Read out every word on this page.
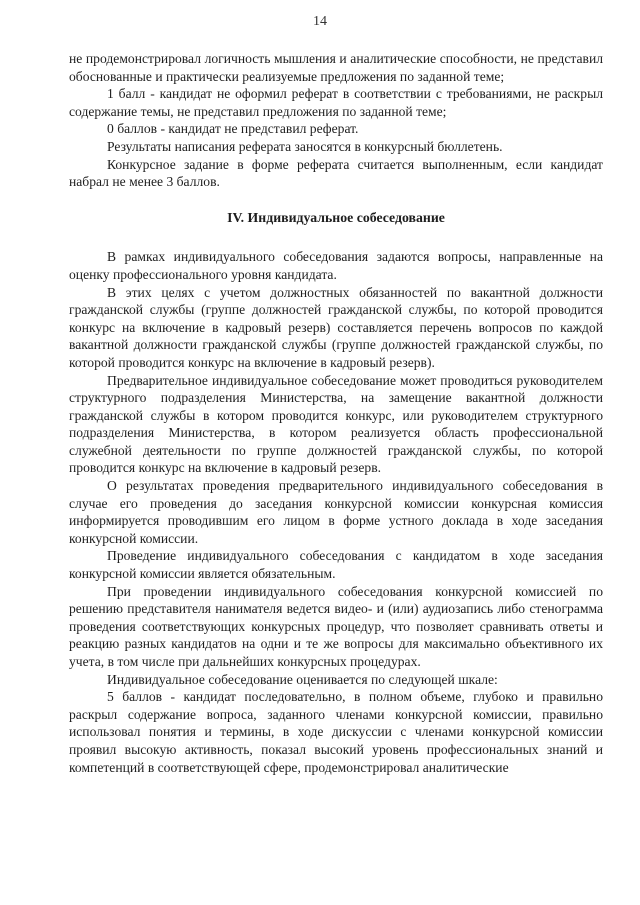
14

не продемонстрировал логичность мышления и аналитические способности, не представил обоснованные и практически реализуемые предложения по заданной теме;

1 балл - кандидат не оформил реферат в соответствии с требованиями, не раскрыл содержание темы, не представил предложения по заданной теме;

0 баллов - кандидат не представил реферат.

Результаты написания реферата заносятся в конкурсный бюллетень.

Конкурсное задание в форме реферата считается выполненным, если кандидат набрал не менее 3 баллов.

IV. Индивидуальное собеседование

В рамках индивидуального собеседования задаются вопросы, направленные на оценку профессионального уровня кандидата.

В этих целях с учетом должностных обязанностей по вакантной должности гражданской службы (группе должностей гражданской службы, по которой проводится конкурс на включение в кадровый резерв) составляется перечень вопросов по каждой вакантной должности гражданской службы (группе должностей гражданской службы, по которой проводится конкурс на включение в кадровый резерв).

Предварительное индивидуальное собеседование может проводиться руководителем структурного подразделения Министерства, на замещение вакантной должности гражданской службы в котором проводится конкурс, или руководителем структурного подразделения Министерства, в котором реализуется область профессиональной служебной деятельности по группе должностей гражданской службы, по которой проводится конкурс на включение в кадровый резерв.

О результатах проведения предварительного индивидуального собеседования в случае его проведения до заседания конкурсной комиссии конкурсная комиссия информируется проводившим его лицом в форме устного доклада в ходе заседания конкурсной комиссии.

Проведение индивидуального собеседования с кандидатом в ходе заседания конкурсной комиссии является обязательным.

При проведении индивидуального собеседования конкурсной комиссией по решению представителя нанимателя ведется видео- и (или) аудиозапись либо стенограмма проведения соответствующих конкурсных процедур, что позволяет сравнивать ответы и реакцию разных кандидатов на одни и те же вопросы для максимально объективного их учета, в том числе при дальнейших конкурсных процедурах.

Индивидуальное собеседование оценивается по следующей шкале:

5 баллов - кандидат последовательно, в полном объеме, глубоко и правильно раскрыл содержание вопроса, заданного членами конкурсной комиссии, правильно использовал понятия и термины, в ходе дискуссии с членами конкурсной комиссии проявил высокую активность, показал высокий уровень профессиональных знаний и компетенций в соответствующей сфере, продемонстрировал аналитические
